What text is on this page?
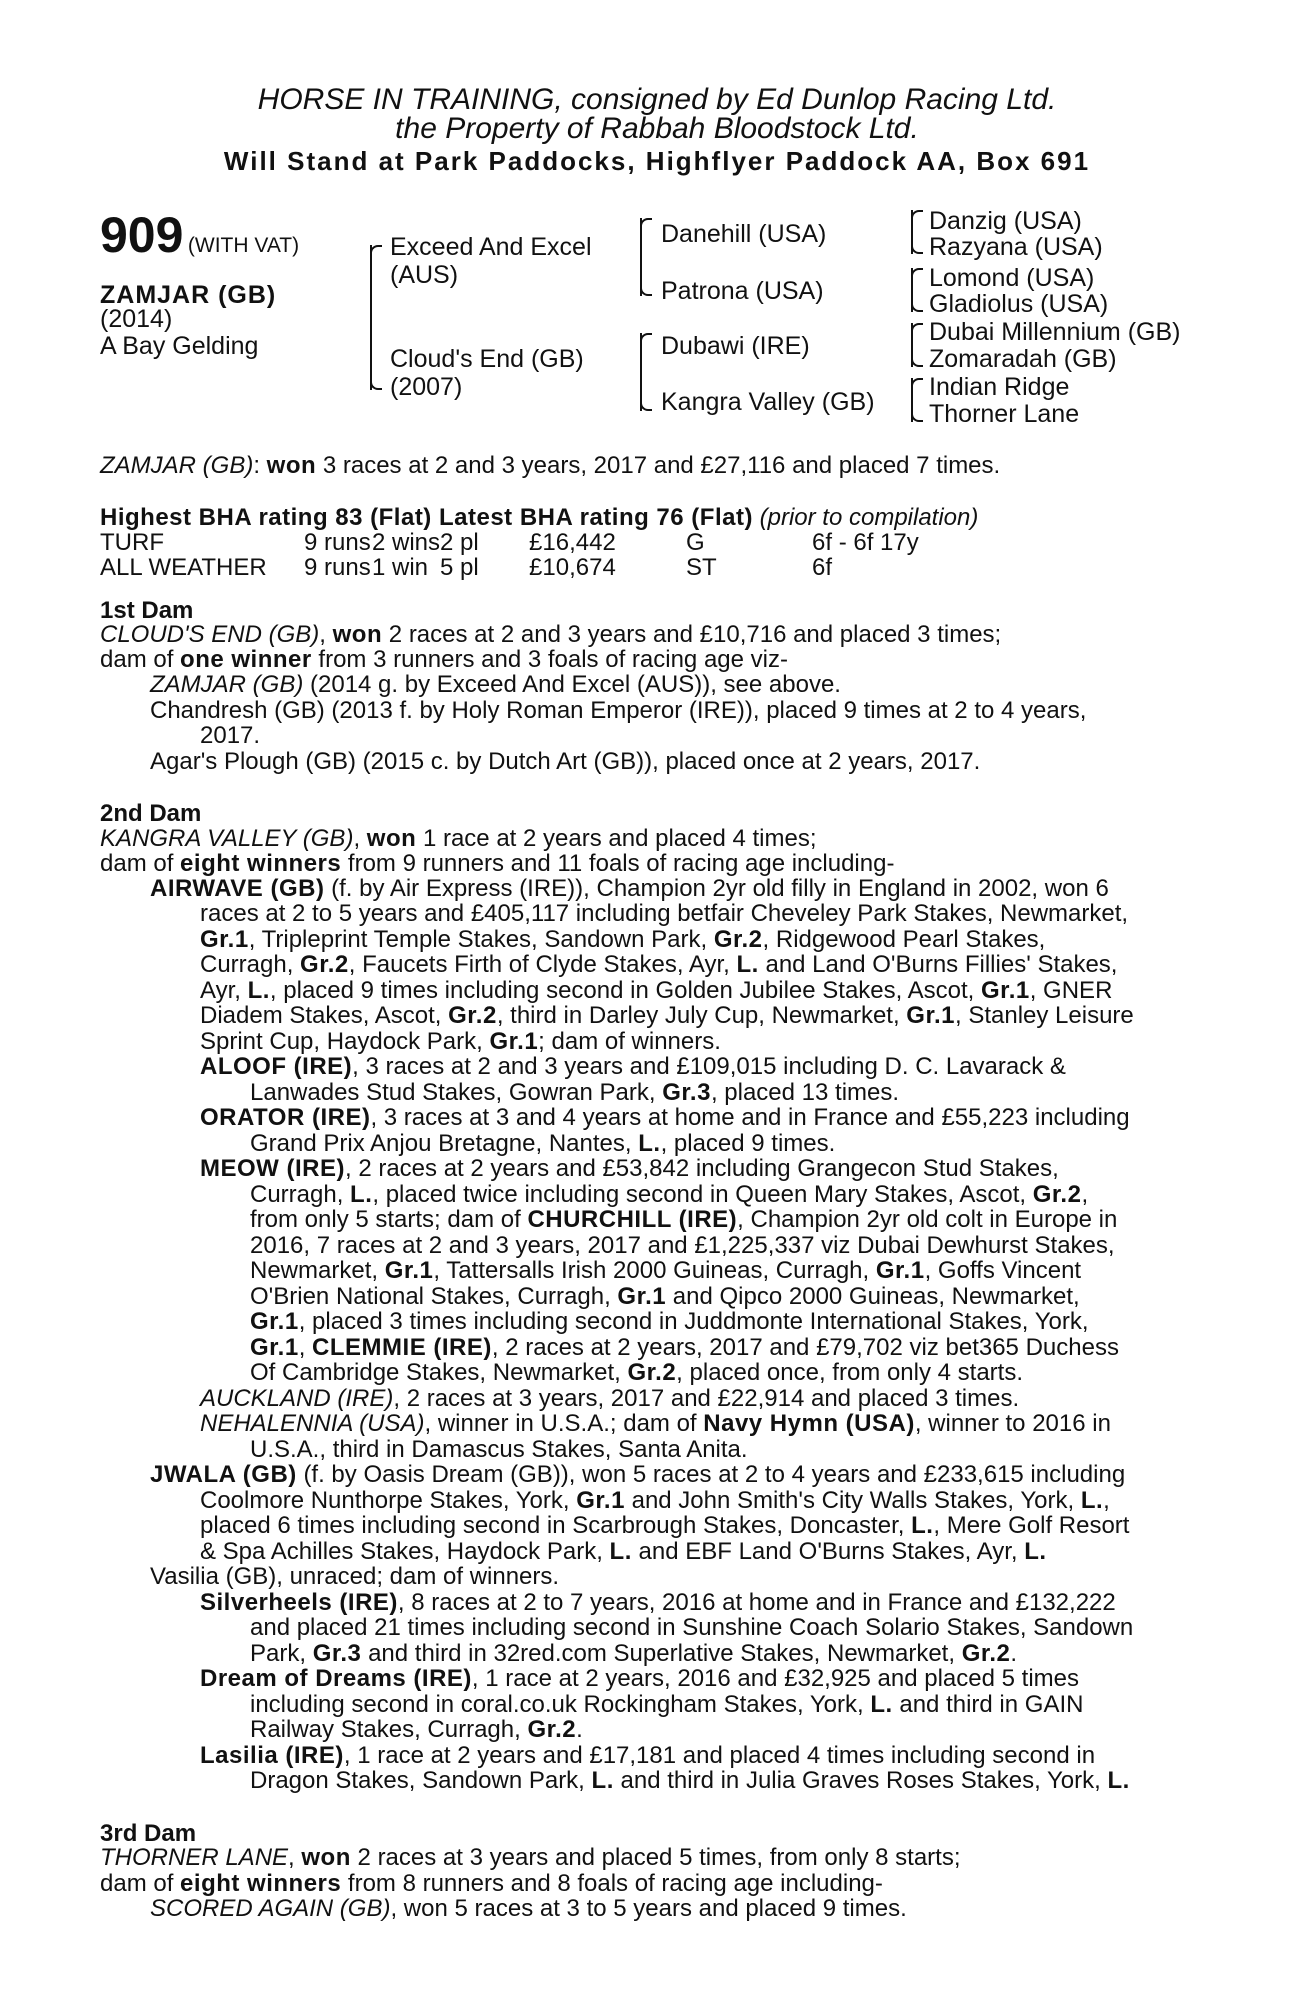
HORSE IN TRAINING, consigned by Ed Dunlop Racing Ltd.
the Property of Rabbah Bloodstock Ltd.
Will Stand at Park Paddocks, Highflyer Paddock AA, Box 691
909 (WITH VAT)
ZAMJAR (GB)
(2014)
A Bay Gelding
Exceed And Excel
(AUS)
Cloud's End (GB)
(2007)
Danehill (USA)
Patrona (USA)
Dubawi (IRE)
Kangra Valley (GB)
Danzig (USA)
Razyana (USA)
Lomond (USA)
Gladiolus (USA)
Dubai Millennium (GB)
Zomaradah (GB)
Indian Ridge
Thorner Lane
ZAMJAR (GB): won 3 races at 2 and 3 years, 2017 and £27,116 and placed 7 times.
Highest BHA rating 83 (Flat) Latest BHA rating 76 (Flat) (prior to compilation)
TURF	9 runs	2 wins	2 pl	£16,442	G	6f - 6f 17y
ALL WEATHER	9 runs	1 win	5 pl	£10,674	ST	6f
1st Dam
CLOUD'S END (GB), won 2 races at 2 and 3 years and £10,716 and placed 3 times;
dam of one winner from 3 runners and 3 foals of racing age viz-
ZAMJAR (GB) (2014 g. by Exceed And Excel (AUS)), see above.
Chandresh (GB) (2013 f. by Holy Roman Emperor (IRE)), placed 9 times at 2 to 4 years,
2017.
Agar's Plough (GB) (2015 c. by Dutch Art (GB)), placed once at 2 years, 2017.
2nd Dam
KANGRA VALLEY (GB), won 1 race at 2 years and placed 4 times;
dam of eight winners from 9 runners and 11 foals of racing age including-
AIRWAVE (GB) (f. by Air Express (IRE)), Champion 2yr old filly in England in 2002, won 6
races at 2 to 5 years and £405,117 including betfair Cheveley Park Stakes, Newmarket,
Gr.1, Tripleprint Temple Stakes, Sandown Park, Gr.2, Ridgewood Pearl Stakes,
Curragh, Gr.2, Faucets Firth of Clyde Stakes, Ayr, L. and Land O'Burns Fillies' Stakes,
Ayr, L., placed 9 times including second in Golden Jubilee Stakes, Ascot, Gr.1, GNER
Diadem Stakes, Ascot, Gr.2, third in Darley July Cup, Newmarket, Gr.1, Stanley Leisure
Sprint Cup, Haydock Park, Gr.1; dam of winners.
ALOOF (IRE), 3 races at 2 and 3 years and £109,015 including D. C. Lavarack &
Lanwades Stud Stakes, Gowran Park, Gr.3, placed 13 times.
ORATOR (IRE), 3 races at 3 and 4 years at home and in France and £55,223 including
Grand Prix Anjou Bretagne, Nantes, L., placed 9 times.
MEOW (IRE), 2 races at 2 years and £53,842 including Grangecon Stud Stakes,
Curragh, L., placed twice including second in Queen Mary Stakes, Ascot, Gr.2,
from only 5 starts; dam of CHURCHILL (IRE), Champion 2yr old colt in Europe in
2016, 7 races at 2 and 3 years, 2017 and £1,225,337 viz Dubai Dewhurst Stakes,
Newmarket, Gr.1, Tattersalls Irish 2000 Guineas, Curragh, Gr.1, Goffs Vincent
O'Brien National Stakes, Curragh, Gr.1 and Qipco 2000 Guineas, Newmarket,
Gr.1, placed 3 times including second in Juddmonte International Stakes, York,
Gr.1, CLEMMIE (IRE), 2 races at 2 years, 2017 and £79,702 viz bet365 Duchess
Of Cambridge Stakes, Newmarket, Gr.2, placed once, from only 4 starts.
AUCKLAND (IRE), 2 races at 3 years, 2017 and £22,914 and placed 3 times.
NEHALENNIA (USA), winner in U.S.A.; dam of Navy Hymn (USA), winner to 2016 in
U.S.A., third in Damascus Stakes, Santa Anita.
JWALA (GB) (f. by Oasis Dream (GB)), won 5 races at 2 to 4 years and £233,615 including
Coolmore Nunthorpe Stakes, York, Gr.1 and John Smith's City Walls Stakes, York, L.,
placed 6 times including second in Scarbrough Stakes, Doncaster, L., Mere Golf Resort
& Spa Achilles Stakes, Haydock Park, L. and EBF Land O'Burns Stakes, Ayr, L.
Vasilia (GB), unraced; dam of winners.
Silverheels (IRE), 8 races at 2 to 7 years, 2016 at home and in France and £132,222
and placed 21 times including second in Sunshine Coach Solario Stakes, Sandown
Park, Gr.3 and third in 32red.com Superlative Stakes, Newmarket, Gr.2.
Dream of Dreams (IRE), 1 race at 2 years, 2016 and £32,925 and placed 5 times
including second in coral.co.uk Rockingham Stakes, York, L. and third in GAIN
Railway Stakes, Curragh, Gr.2.
Lasilia (IRE), 1 race at 2 years and £17,181 and placed 4 times including second in
Dragon Stakes, Sandown Park, L. and third in Julia Graves Roses Stakes, York, L.
3rd Dam
THORNER LANE, won 2 races at 3 years and placed 5 times, from only 8 starts;
dam of eight winners from 8 runners and 8 foals of racing age including-
SCORED AGAIN (GB), won 5 races at 3 to 5 years and placed 9 times.
